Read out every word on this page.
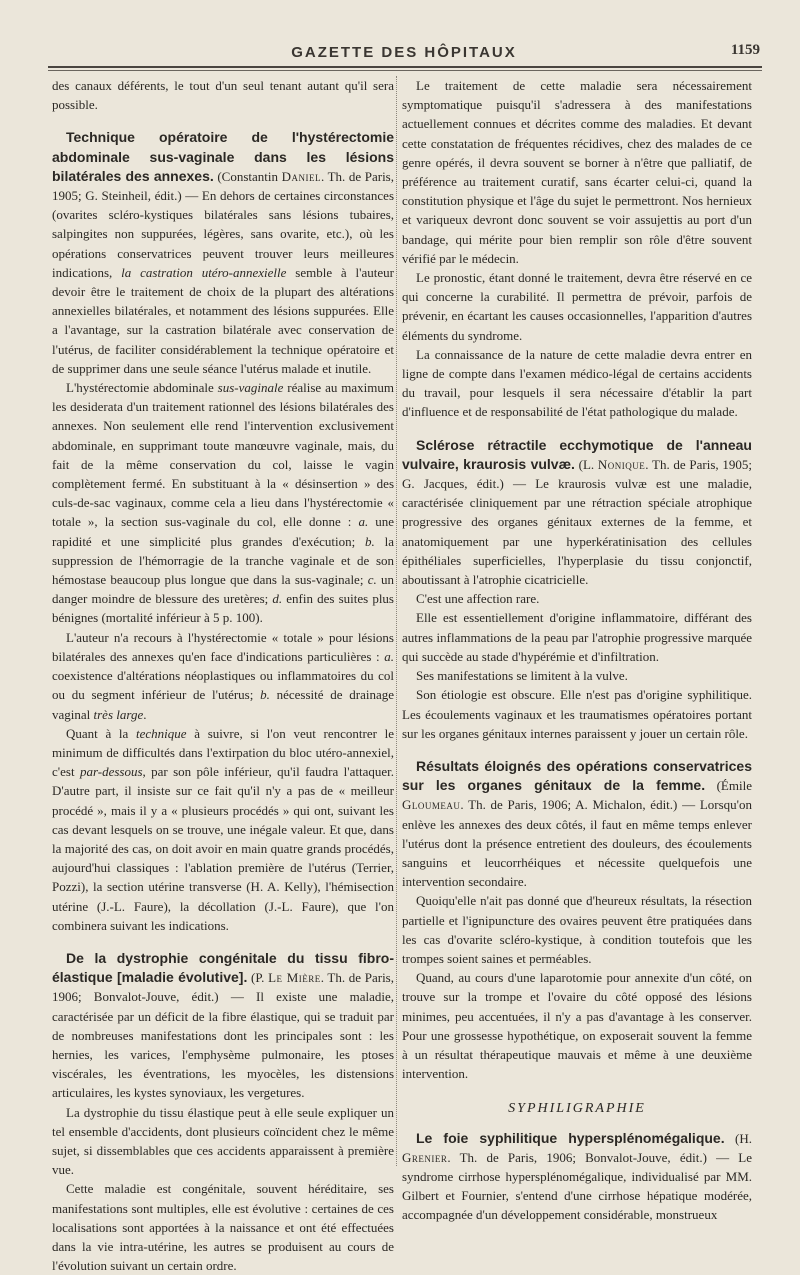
GAZETTE DES HÔPITAUX	1159

des canaux déférents, le tout d'un seul tenant autant qu'il sera possible.

Technique opératoire de l'hystérectomie abdominale sus-vaginale dans les lésions bilatérales des annexes. (Constantin Daniel. Th. de Paris, 1905; G. Steinheil, édit.) — En dehors de certaines circonstances (ovarites scléro-kystiques bilatérales sans lésions tubaires, salpingites non suppurées, légères, sans ovarite, etc.), où les opérations conservatrices peuvent trouver leurs meilleures indications, la castration utéro-annexielle semble à l'auteur devoir être le traitement de choix de la plupart des altérations annexielles bilatérales, et notamment des lésions suppurées. Elle a l'avantage, sur la castration bilatérale avec conservation de l'utérus, de faciliter considérablement la technique opératoire et de supprimer dans une seule séance l'utérus malade et inutile.

L'hystérectomie abdominale sus-vaginale réalise au maximum les desiderata d'un traitement rationnel des lésions bilatérales des annexes. Non seulement elle rend l'intervention exclusivement abdominale, en supprimant toute manœuvre vaginale, mais, du fait de la même conservation du col, laisse le vagin complètement fermé. En substituant à la « désinsertion » des culs-de-sac vaginaux, comme cela a lieu dans l'hystérectomie « totale », la section sus-vaginale du col, elle donne : a. une rapidité et une simplicité plus grandes d'exécution; b. la suppression de l'hémorragie de la tranche vaginale et de son hémostase beaucoup plus longue que dans la sus-vaginale; c. un danger moindre de blessure des uretères; d. enfin des suites plus bénignes (mortalité inférieur à 5 p. 100).

L'auteur n'a recours à l'hystérectomie « totale » pour lésions bilatérales des annexes qu'en face d'indications particulières : a. coexistence d'altérations néoplastiques ou inflammatoires du col ou du segment inférieur de l'utérus; b. nécessité de drainage vaginal très large.

Quant à la technique à suivre, si l'on veut rencontrer le minimum de difficultés dans l'extirpation du bloc utéro-annexiel, c'est par-dessous, par son pôle inférieur, qu'il faudra l'attaquer. D'autre part, il insiste sur ce fait qu'il n'y a pas de « meilleur procédé », mais il y a « plusieurs procédés » qui ont, suivant les cas devant lesquels on se trouve, une inégale valeur. Et que, dans la majorité des cas, on doit avoir en main quatre grands procédés, aujourd'hui classiques : l'ablation première de l'utérus (Terrier, Pozzi), la section utérine transverse (H. A. Kelly), l'hémisection utérine (J.-L. Faure), la décollation (J.-L. Faure), que l'on combinera suivant les indications.

De la dystrophie congénitale du tissu fibro-élastique [maladie évolutive]. (P. Le Mière. Th. de Paris, 1906; Bonvalot-Jouve, édit.) — Il existe une maladie, caractérisée par un déficit de la fibre élastique, qui se traduit par de nombreuses manifestations dont les principales sont : les hernies, les varices, l'emphysème pulmonaire, les ptoses viscérales, les éventrations, les myocèles, les distensions articulaires, les kystes synoviaux, les vergetures.

La dystrophie du tissu élastique peut à elle seule expliquer un tel ensemble d'accidents, dont plusieurs coïncident chez le même sujet, si dissemblables que ces accidents apparaissent à première vue.

Cette maladie est congénitale, souvent héréditaire, ses manifestations sont multiples, elle est évolutive : certaines de ces localisations sont apportées à la naissance et ont été effectuées dans la vie intra-utérine, les autres se produisent au cours de l'évolution suivant un certain ordre.

Le traitement de cette maladie sera nécessairement symptomatique puisqu'il s'adressera à des manifestations actuellement connues et décrites comme des maladies. Et devant cette constatation de fréquentes récidives, chez des malades de ce genre opérés, il devra souvent se borner à n'être que palliatif, de préférence au traitement curatif, sans écarter celui-ci, quand la constitution physique et l'âge du sujet le permettront. Nos hernieux et variqueux devront donc souvent se voir assujettis au port d'un bandage, qui mérite pour bien remplir son rôle d'être souvent vérifié par le médecin.

Le pronostic, étant donné le traitement, devra être réservé en ce qui concerne la curabilité. Il permettra de prévoir, parfois de prévenir, en écartant les causes occasionnelles, l'apparition d'autres éléments du syndrome.

La connaissance de la nature de cette maladie devra entrer en ligne de compte dans l'examen médico-légal de certains accidents du travail, pour lesquels il sera nécessaire d'établir la part d'influence et de responsabilité de l'état pathologique du malade.

Sclérose rétractile ecchymotique de l'anneau vulvaire, kraurosis vulvæ. (L. Nonique. Th. de Paris, 1905; G. Jacques, édit.) — Le kraurosis vulvæ est une maladie, caractérisée cliniquement par une rétraction spéciale atrophique progressive des organes génitaux externes de la femme, et anatomiquement par une hyperkératinisation des cellules épithéliales superficielles, l'hyperplasie du tissu conjonctif, aboutissant à l'atrophie cicatricielle.

C'est une affection rare.

Elle est essentiellement d'origine inflammatoire, différant des autres inflammations de la peau par l'atrophie progressive marquée qui succède au stade d'hypérémie et d'infiltration.

Ses manifestations se limitent à la vulve.

Son étiologie est obscure. Elle n'est pas d'origine syphilitique. Les écoulements vaginaux et les traumatismes opératoires portant sur les organes génitaux internes paraissent y jouer un certain rôle.

Résultats éloignés des opérations conservatrices sur les organes génitaux de la femme. (Émile Gloumeau. Th. de Paris, 1906; A. Michalon, édit.) — Lorsqu'on enlève les annexes des deux côtés, il faut en même temps enlever l'utérus dont la présence entretient des douleurs, des écoulements sanguins et leucorrhéiques et nécessite quelquefois une intervention secondaire.

Quoiqu'elle n'ait pas donné que d'heureux résultats, la résection partielle et l'ignipuncture des ovaires peuvent être pratiquées dans les cas d'ovarite scléro-kystique, à condition toutefois que les trompes soient saines et perméables.

Quand, au cours d'une laparotomie pour annexite d'un côté, on trouve sur la trompe et l'ovaire du côté opposé des lésions minimes, peu accentuées, il n'y a pas d'avantage à les conserver. Pour une grossesse hypothétique, on exposerait souvent la femme à un résultat thérapeutique mauvais et même à une deuxième intervention.

SYPHILIGRAPHIE

Le foie syphilitique hypersplénomégalique. (H. Grenier. Th. de Paris, 1906; Bonvalot-Jouve, édit.) — Le syndrome cirrhose hypersplénomégalique, individualisé par MM. Gilbert et Fournier, s'entend d'une cirrhose hépatique modérée, accompagnée d'un développement considérable, monstrueux
